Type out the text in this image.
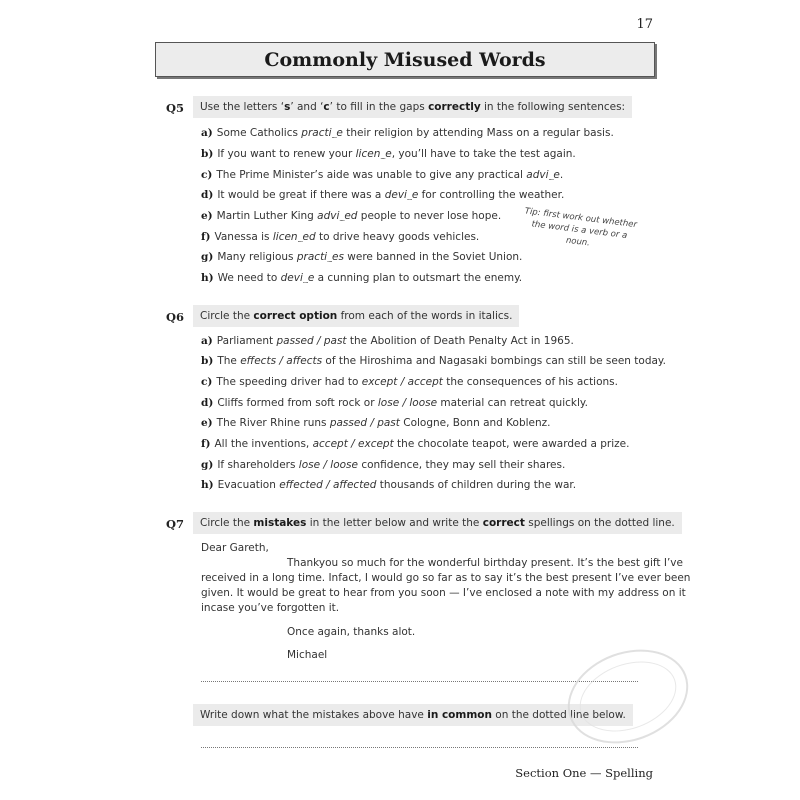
17
Commonly Misused Words
Q5	Use the letters ‘s’ and ‘c’ to fill in the gaps correctly in the following sentences:
a) Some Catholics practi....e their religion by attending Mass on a regular basis.
b) If you want to renew your licen....e, you’ll have to take the test again.
c) The Prime Minister’s aide was unable to give any practical advi....e.
d) It would be great if there was a devi....e for controlling the weather.
e) Martin Luther King advi....ed people to never lose hope.
f) Vanessa is licen....ed to drive heavy goods vehicles.
g) Many religious practi....es were banned in the Soviet Union.
h) We need to devi....e a cunning plan to outsmart the enemy.
Tip: first work out whether the word is a verb or a noun.
Q6	Circle the correct option from each of the words in italics.
a) Parliament passed / past the Abolition of Death Penalty Act in 1965.
b) The effects / affects of the Hiroshima and Nagasaki bombings can still be seen today.
c) The speeding driver had to except / accept the consequences of his actions.
d) Cliffs formed from soft rock or lose / loose material can retreat quickly.
e) The River Rhine runs passed / past Cologne, Bonn and Koblenz.
f) All the inventions, accept / except the chocolate teapot, were awarded a prize.
g) If shareholders lose / loose confidence, they may sell their shares.
h) Evacuation effected / affected thousands of children during the war.
Q7	Circle the mistakes in the letter below and write the correct spellings on the dotted line.
Dear Gareth,
Thankyou so much for the wonderful birthday present. It’s the best gift I’ve
received in a long time. Infact, I would go so far as to say it’s the best present I’ve ever been
given. It would be great to hear from you soon — I’ve enclosed a note with my address on it
incase you’ve forgotten it.
Once again, thanks alot.
Michael
Write down what the mistakes above have in common on the dotted line below.
Section One — Spelling
